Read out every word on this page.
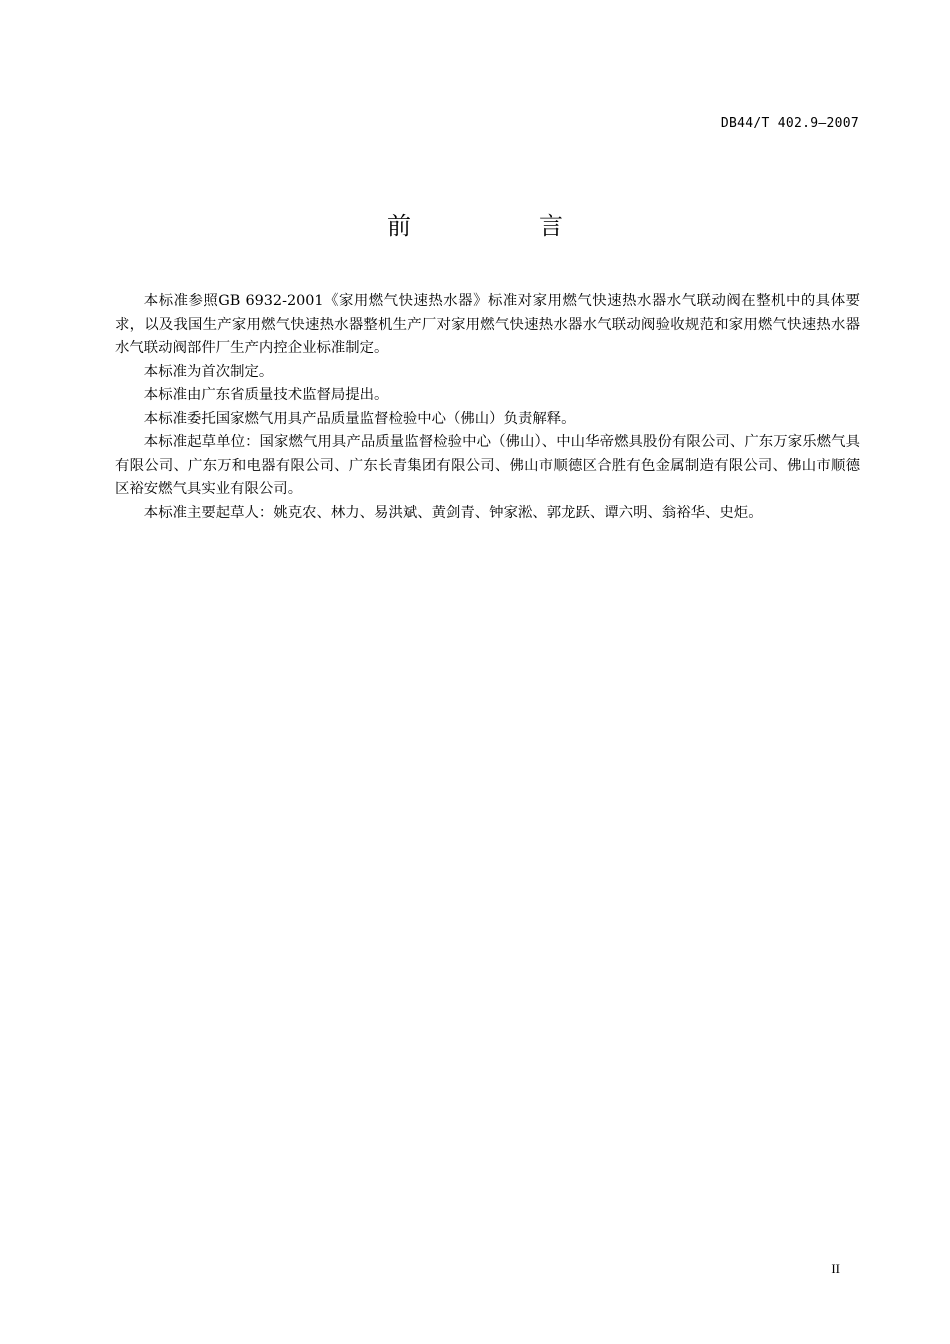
DB44/T 402.9—2007
前　言

本标准参照GB 6932-2001《家用燃气快速热水器》标准对家用燃气快速热水器水气联动阀在整机中的具体要求，以及我国生产家用燃气快速热水器整机生产厂对家用燃气快速热水器水气联动阀验收规范和家用燃气快速热水器水气联动阀部件厂生产内控企业标准制定。

本标准为首次制定。

本标准由广东省质量技术监督局提出。

本标准委托国家燃气用具产品质量监督检验中心（佛山）负责解释。

本标准起草单位：国家燃气用具产品质量监督检验中心（佛山）、中山华帝燃具股份有限公司、广东万家乐燃气具有限公司、广东万和电器有限公司、广东长青集团有限公司、佛山市顺德区合胜有色金属制造有限公司、佛山市顺德区裕安燃气具实业有限公司。

本标准主要起草人：姚克农、林力、易洪斌、黄剑青、钟家淞、郭龙跃、谭六明、翁裕华、史炬。

II
